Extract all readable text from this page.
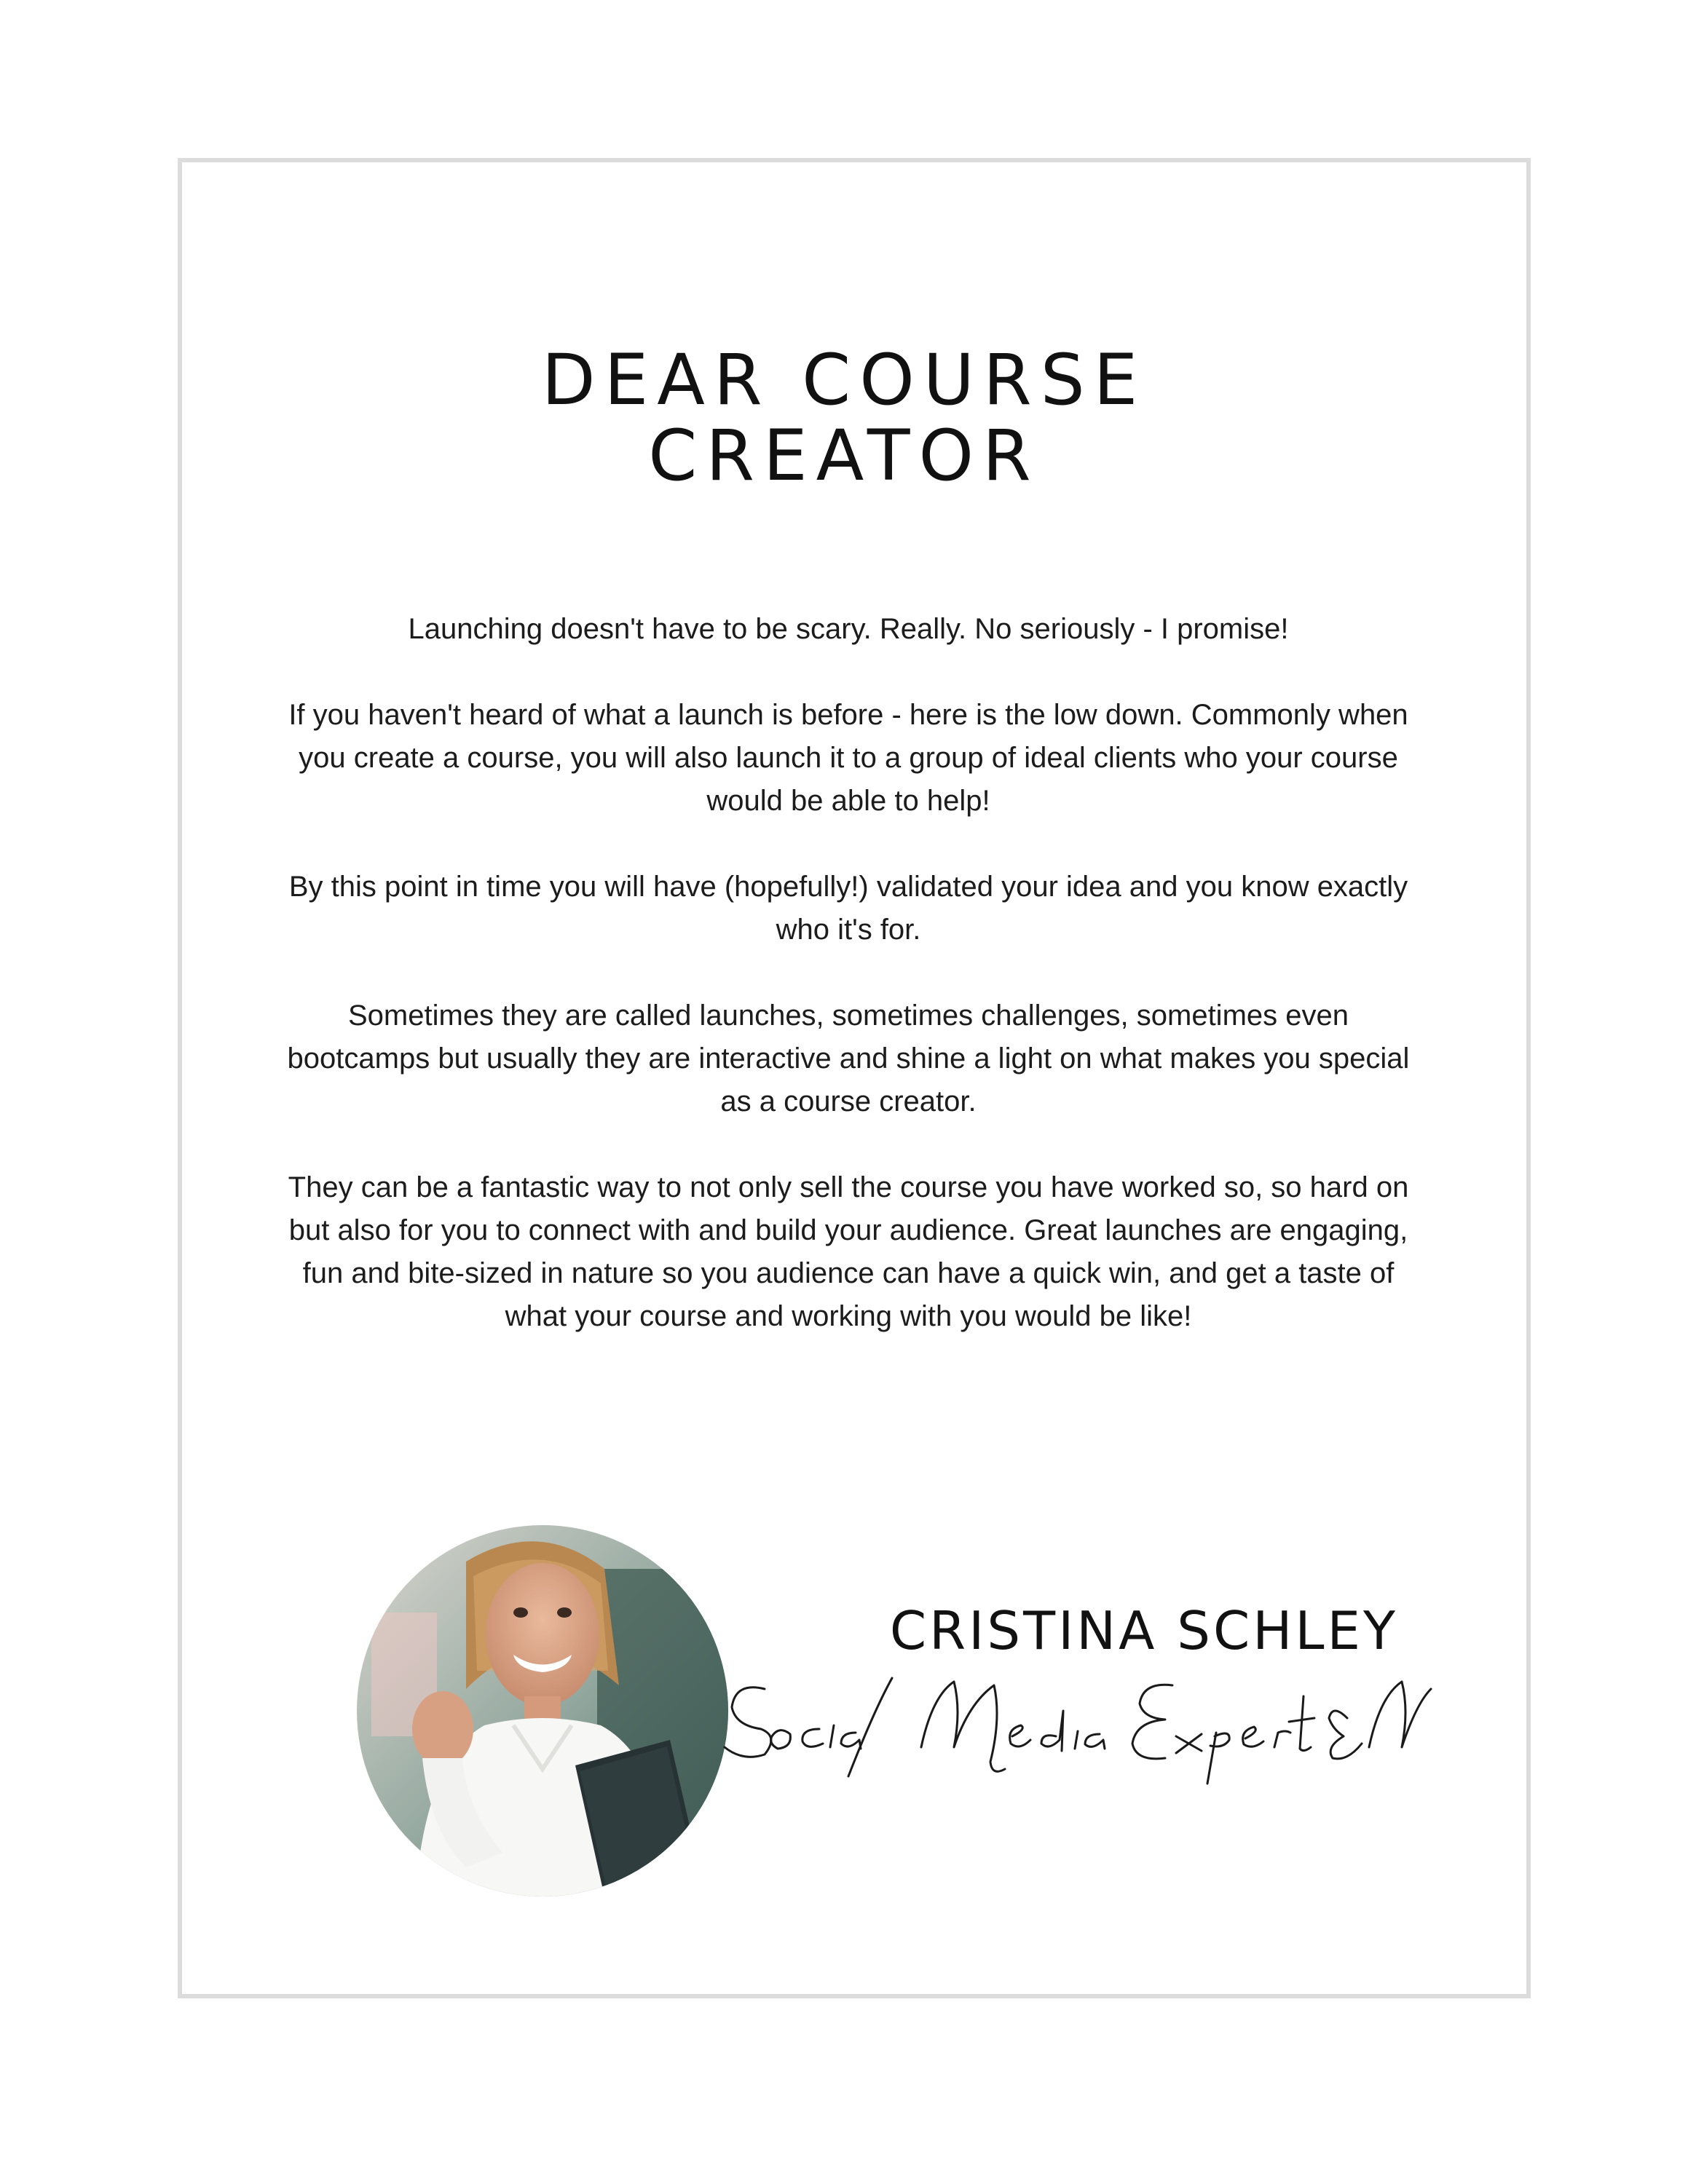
DEAR COURSE
CREATOR

Launching doesn't have to be scary. Really. No seriously - I promise!

If you haven't heard of what a launch is before - here is the low down. Commonly when you create a course, you will also launch it to a group of ideal clients who your course would be able to help!

By this point in time you will have (hopefully!) validated your idea and you know exactly who it's for.

Sometimes they are called launches, sometimes challenges, sometimes even bootcamps but usually they are interactive and shine a light on what makes you special as a course creator.

They can be a fantastic way to not only sell the course you have worked so, so hard on but also for you to connect with and build your audience. Great launches are engaging, fun and bite-sized in nature so you audience can have a quick win, and get a taste of what your course and working with you would be like!

CRISTINA SCHLEY
